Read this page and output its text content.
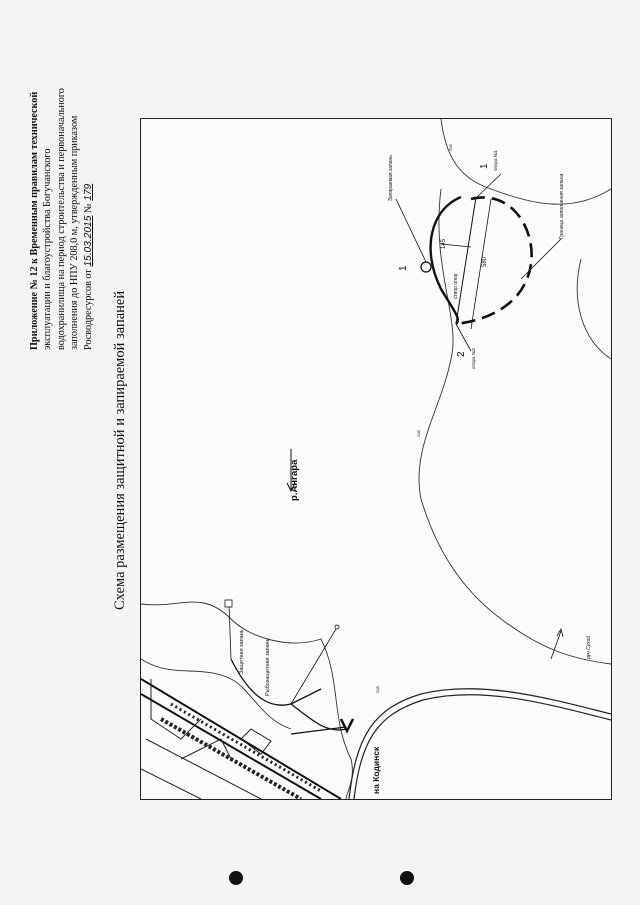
Приложение № 12 к Временным правилам технической эксплуатации и благоустройства Богучанского водохранилища на период строительства и первоначального заполнения до НПУ 208,0 м, утвержденным приказом Росводресурсов от 15.03.2015 № 179
Схема размещения защитной и запираемой запаней	р.Ангара
на Кодинск
руч.Сухой
Защитная запань	Рыбозащитная запань
Запираемая запань	Граница заполнения запани
опора №1
опора №2
створ опор
580
145
1
1
2
208
208
208
